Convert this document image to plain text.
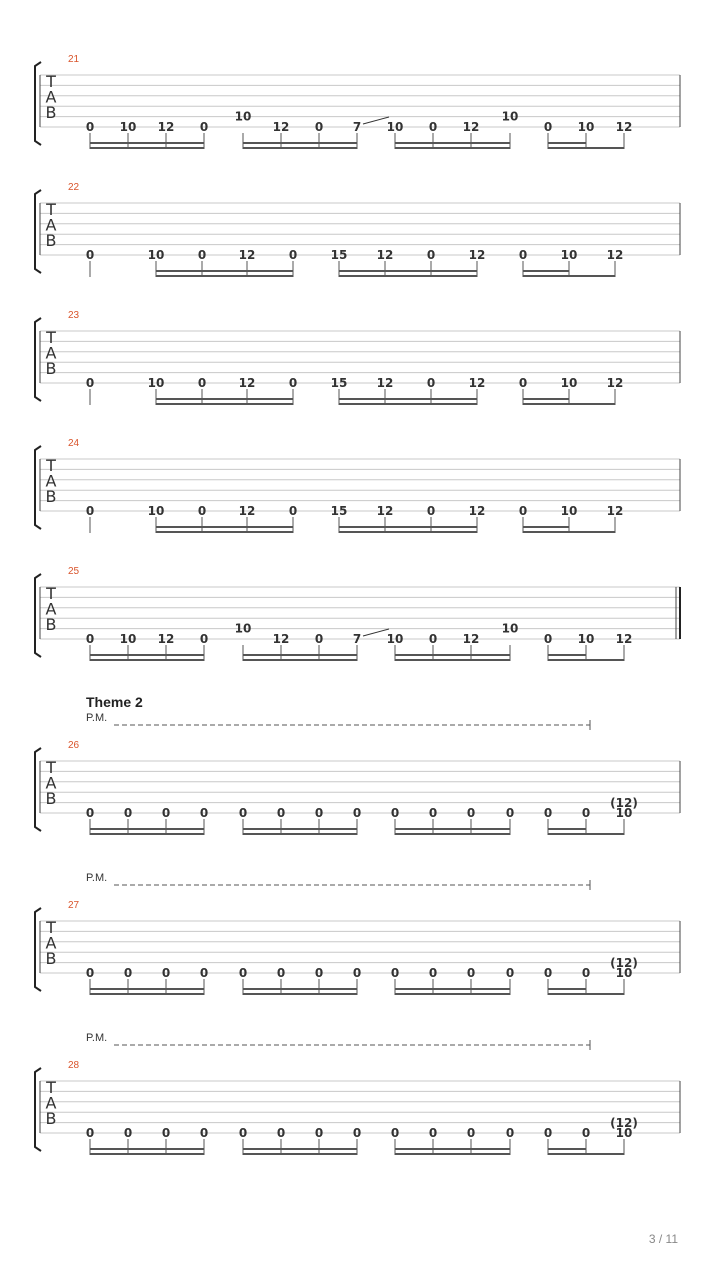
T
A
B
21
0 10 12 0
10
12 0 7 10 0 12
10
0 10 12
T
A
B
22
0	10	0	12	0	15 12	0	12	0	10 12
T
A
B
23
0	10	0	12	0	15 12	0	12	0	10 12
T
A
B
24
0	10	0	12	0	15 12	0	12	0	10 12
T
A
B
25
0 10 12 0
10
12 0 7 10 0 12
10
0 10 12
T
A
B
26
P.M.
0 0 0 0	0 0 0 0 0 0 0	0 0 0 10
(12)
T
A
B
27
P.M.
0 0 0 0	0 0 0 0 0 0 0	0 0 0 10
(12)
T
A
B
28
P.M.
0 0 0 0	0 0 0 0 0 0 0	0 0 0 10
(12)
Theme 2
3 / 11
